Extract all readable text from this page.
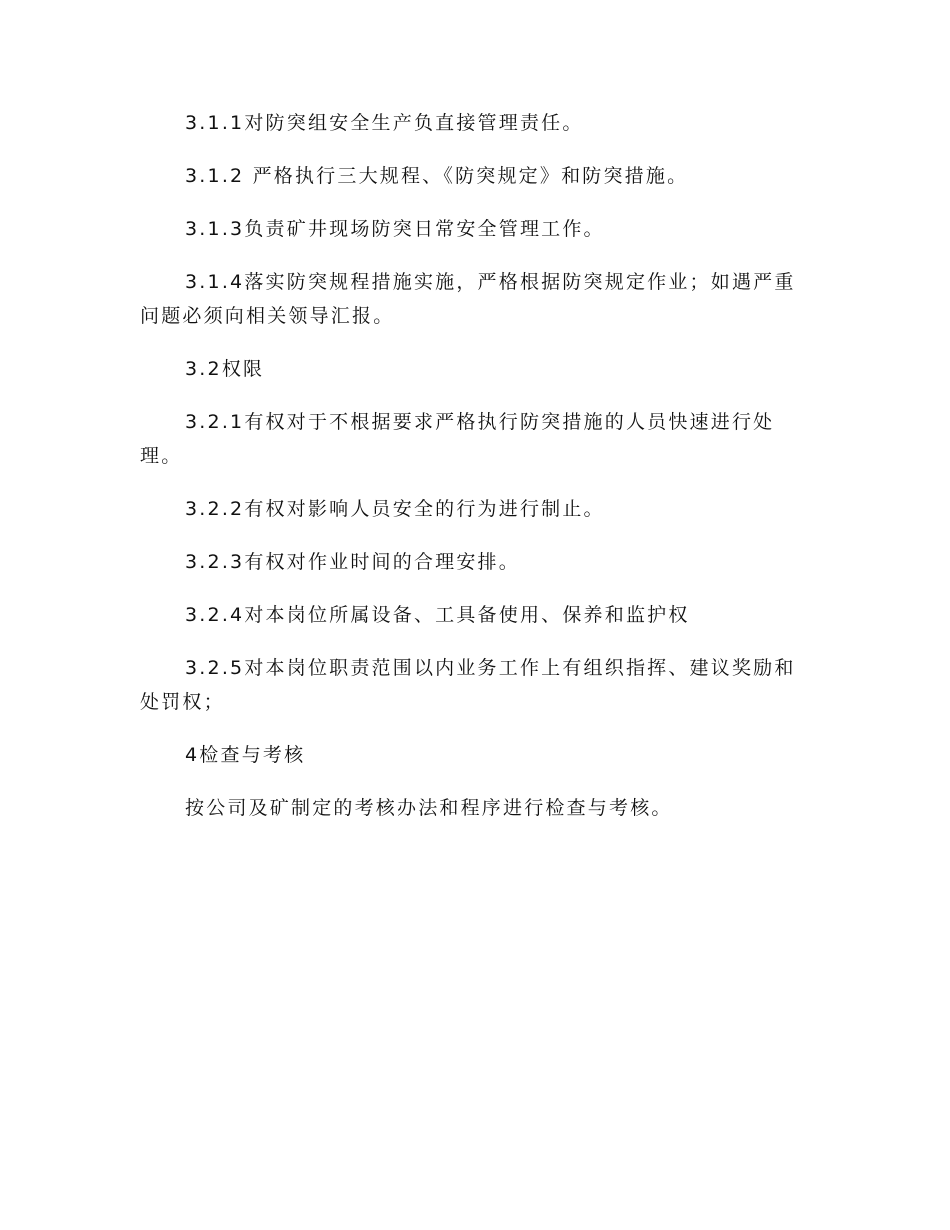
3.1.1对防突组安全生产负直接管理责任。

3.1.2 严格执行三大规程、《防突规定》和防突措施。

3.1.3负责矿井现场防突日常安全管理工作。

3.1.4落实防突规程措施实施，严格根据防突规定作业；如遇严重问题必须向相关领导汇报。

3.2权限

3.2.1有权对于不根据要求严格执行防突措施的人员快速进行处理。

3.2.2有权对影响人员安全的行为进行制止。

3.2.3有权对作业时间的合理安排。

3.2.4对本岗位所属设备、工具备使用、保养和监护权

3.2.5对本岗位职责范围以内业务工作上有组织指挥、建议奖励和处罚权；

4检查与考核

按公司及矿制定的考核办法和程序进行检查与考核。
